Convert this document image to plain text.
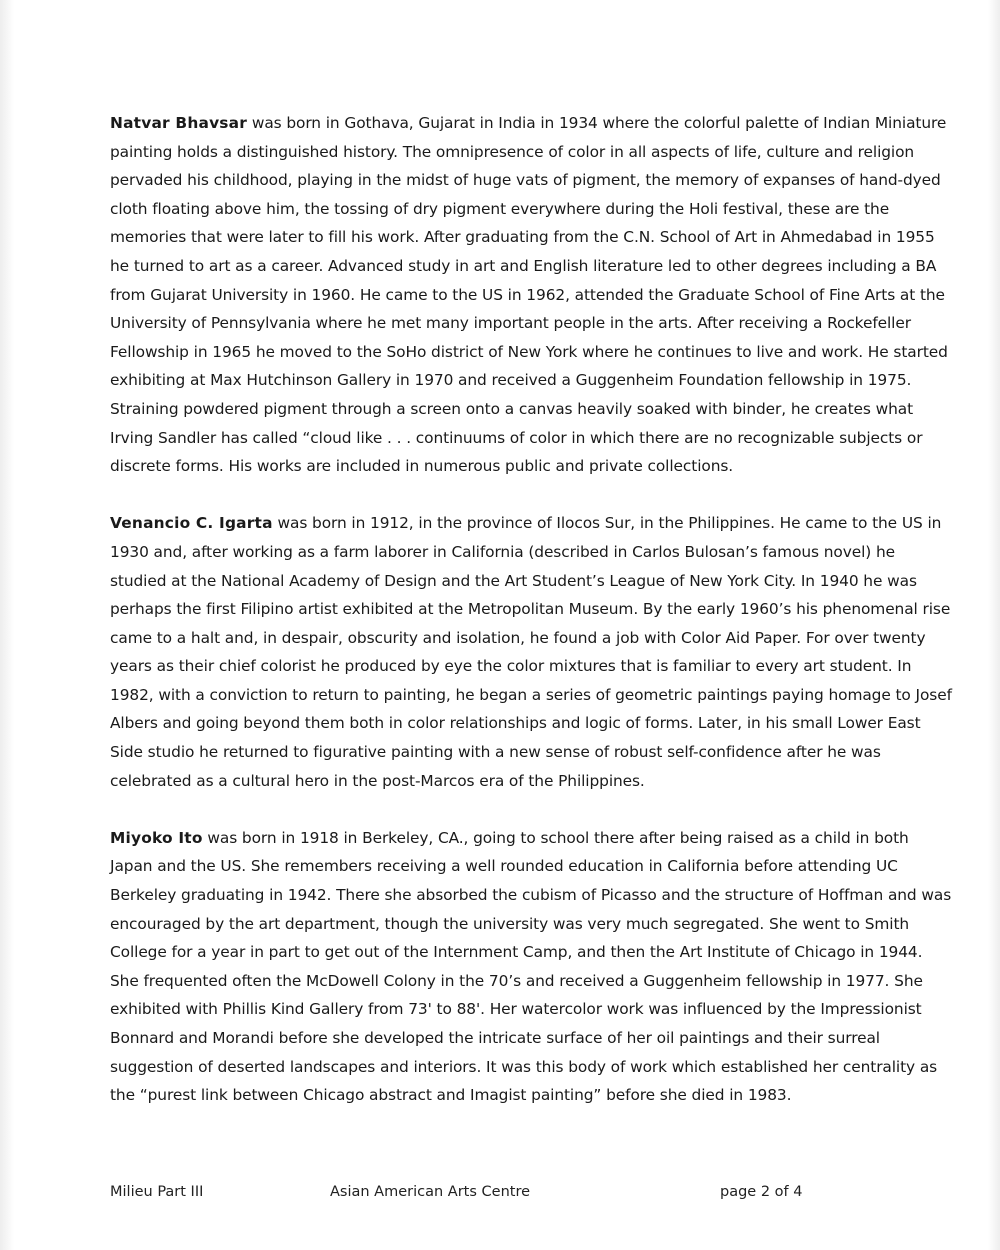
Natvar Bhavsar was born in Gothava, Gujarat in India in 1934 where the colorful palette of Indian Miniature painting holds a distinguished history. The omnipresence of color in all aspects of life, culture and religion pervaded his childhood, playing in the midst of huge vats of pigment, the memory of expanses of hand-dyed cloth floating above him, the tossing of dry pigment everywhere during the Holi festival, these are the memories that were later to fill his work. After graduating from the C.N. School of Art in Ahmedabad in 1955 he turned to art as a career. Advanced study in art and English literature led to other degrees including a BA from Gujarat University in 1960. He came to the US in 1962, attended the Graduate School of Fine Arts at the University of Pennsylvania where he met many important people in the arts. After receiving a Rockefeller Fellowship in 1965 he moved to the SoHo district of New York where he continues to live and work. He started exhibiting at Max Hutchinson Gallery in 1970 and received a Guggenheim Foundation fellowship in 1975. Straining powdered pigment through a screen onto a canvas heavily soaked with binder, he creates what Irving Sandler has called “cloud like . . . continuums of color in which there are no recognizable subjects or discrete forms. His works are included in numerous public and private collections.

Venancio C. Igarta was born in 1912, in the province of Ilocos Sur, in the Philippines. He came to the US in 1930 and, after working as a farm laborer in California (described in Carlos Bulosan’s famous novel) he studied at the National Academy of Design and the Art Student’s League of New York City. In 1940 he was perhaps the first Filipino artist exhibited at the Metropolitan Museum. By the early 1960’s his phenomenal rise came to a halt and, in despair, obscurity and isolation, he found a job with Color Aid Paper. For over twenty years as their chief colorist he produced by eye the color mixtures that is familiar to every art student. In 1982, with a conviction to return to painting, he began a series of geometric paintings paying homage to Josef Albers and going beyond them both in color relationships and logic of forms. Later, in his small Lower East Side studio he returned to figurative painting with a new sense of robust self-confidence after he was celebrated as a cultural hero in the post-Marcos era of the Philippines.

Miyoko Ito was born in 1918 in Berkeley, CA., going to school there after being raised as a child in both Japan and the US. She remembers receiving a well rounded education in California before attending UC Berkeley graduating in 1942. There she absorbed the cubism of Picasso and the structure of Hoffman and was encouraged by the art department, though the university was very much segregated. She went to Smith College for a year in part to get out of the Internment Camp, and then the Art Institute of Chicago in 1944. She frequented often the McDowell Colony in the 70’s and received a Guggenheim fellowship in 1977. She exhibited with Phillis Kind Gallery from 73' to 88'. Her watercolor work was influenced by the Impressionist Bonnard and Morandi before she developed the intricate surface of her oil paintings and their surreal suggestion of deserted landscapes and interiors. It was this body of work which established her centrality as the “purest link between Chicago abstract and Imagist painting” before she died in 1983.

Milieu Part III	Asian American Arts Centre	page 2 of 4
